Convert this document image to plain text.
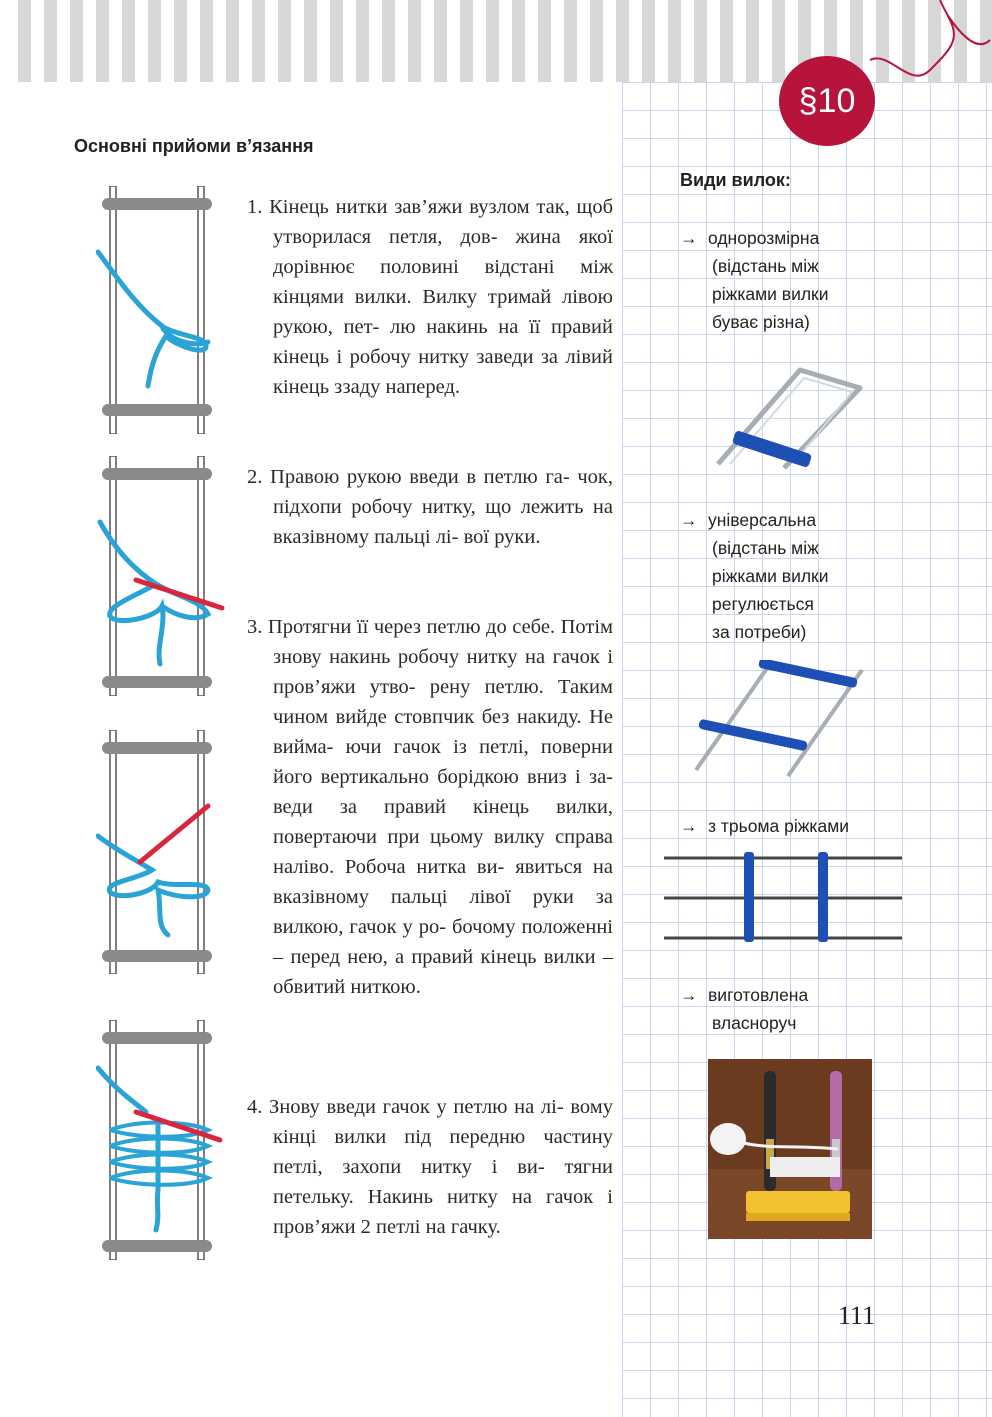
§10
Основні прийоми в’язання
1. Кінець нитки зав’яжи вузлом так, щоб утворилася петля, дов- жина якої дорівнює половині відстані між кінцями вилки. Вилку тримай лівою рукою, пет- лю накинь на її правий кінець і робочу нитку заведи за лівий кінець ззаду наперед.
2. Правою рукою введи в петлю га- чок, підхопи робочу нитку, що лежить на вказівному пальці лі- вої руки.
3. Протягни її через петлю до себе. Потім знову накинь робочу нитку на гачок і пров’яжи утво- рену петлю. Таким чином вийде стовпчик без накиду. Не вийма- ючи гачок із петлі, поверни його вертикально борідкою вниз і за- веди за правий кінець вилки, повертаючи при цьому вилку справа наліво. Робоча нитка ви- явиться на вказівному пальці лівої руки за вилкою, гачок у ро- бочому положенні – перед нею, а правий кінець вилки – обвитий ниткою.
4. Знову введи гачок у петлю на лі- вому кінці вилки під передню частину петлі, захопи нитку і ви- тягни петельку. Накинь нитку на гачок і пров’яжи 2 петлі на гачку.
Види вилок:
→ однорозмірна
(відстань між
ріжками вилки
буває різна)
→ універсальна
(відстань між
ріжками вилки
регулюється
за потреби)
→ з трьома ріжками
→ виготовлена
власноруч
111
